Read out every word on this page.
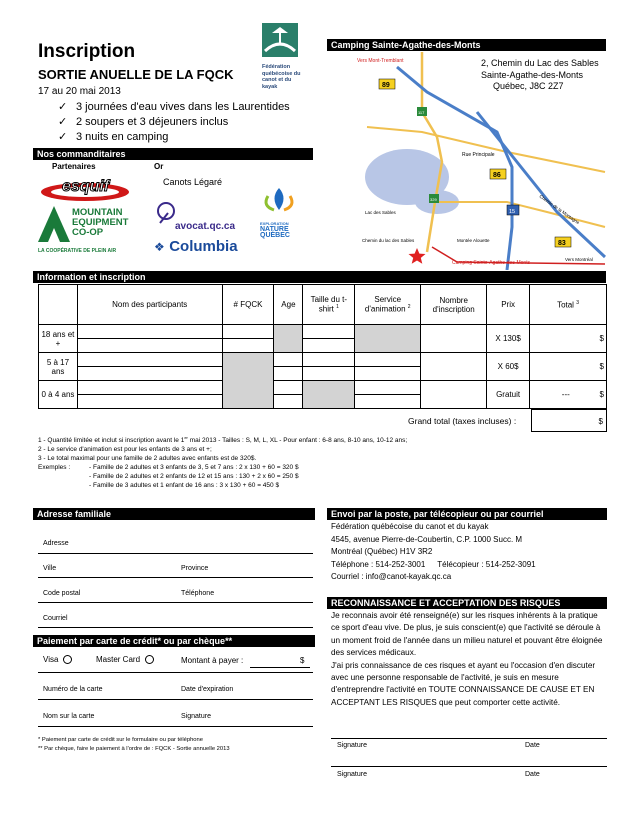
Inscription
SORTIE ANUELLE DE LA FQCK
17 au 20 mai 2013
✓ 3 journées d'eau vives dans les Laurentides
✓ 2 soupers et 3 déjeuners inclus
✓ 3 nuits en camping
Fédération québécoise du canot et du kayak
Camping Sainte-Agathe-des-Monts
2, Chemin du Lac des Sables
Sainte-Agathe-des-Monts
Québec, J8C 2Z7
Vers Mont-Tremblant
Rue Principale
Lac des Sables
Chemin du lac des Sables	Montée Alouette
Chemin de la Montagne
Camping Sainte-Agathe-des-Monts
Vers Montréal
89
86
83
15
117
329
Nos commanditaires
Partenaires	Or
esquif
MOUNTAIN
EQUIPMENT
CO-OP
LA COOPÉRATIVE DE PLEIN AIR
Canots Légaré
avocat.qc.ca
❖ Columbia
EXPLORATION
NATURE
QUÉBEC
Information et inscription
	Nom des participants	# FQCK	Age	Taille du t-shirt $^1$	Service d'animation $^2$	Nombre d'inscription	Prix	Total $^3$
18 ans et +							X 130$	$

5 à 17 ans							X 60$	$

0 à 4 ans							Gratuit	--- $

Grand total (taxes incluses) :	$
1 - Quantité limitée et inclut si inscription avant le 1er mai 2013 - Tailles : S, M, L, XL - Pour enfant : 6-8 ans, 8-10 ans, 10-12 ans;
2 - Le service d'animation est pour les enfants de 3 ans et +;
3 - Le total maximal pour une famille de 2 adultes avec enfants est de 320$.
Exemples :	- Famille de 2 adultes et 3 enfants de 3, 5 et 7 ans : 2 x 130 + 60 = 320 $
- Famille de 2 adultes et 2 enfants de 12 et 15 ans : 130 + 2 x 60 = 250 $
- Famille de 3 adultes et 1 enfant de 16 ans : 3 x 130 + 60 = 450 $
Adresse familiale
Adresse
Ville	Province
Code postal	Téléphone
Courriel
Paiement par carte de crédit* ou par chèque**
Visa	Master Card	Montant à payer :	$
Numéro de la carte	Date d'expiration
Nom sur la carte	Signature
* Paiement par carte de crédit sur le formulaire ou par téléphone
** Par chèque, faire le paiement à l'ordre de : FQCK - Sortie annuelle 2013
Envoi par la poste, par télécopieur ou par courriel
Fédération québécoise du canot et du kayak
4545, avenue Pierre-de-Coubertin, C.P. 1000 Succ. M
Montréal (Québec) H1V 3R2
Téléphone : 514-252-3001 Télécopieur : 514-252-3091
Courriel : info@canot-kayak.qc.ca
RECONNAISSANCE ET ACCEPTATION DES RISQUES
Je reconnais avoir été renseigné(e) sur les risques inhérents à la pratique ce sport d'eau vive. De plus, je suis conscient(e) que l'activité se déroule à un moment froid de l'année dans un milieu naturel et pouvant être éloignée des services médicaux.
J'ai pris connaissance de ces risques et ayant eu l'occasion d'en discuter avec une personne responsable de l'activité, je suis en mesure d'entreprendre l'activité en TOUTE CONNAISSANCE DE CAUSE ET EN ACCEPTANT LES RISQUES que peut comporter cette activité.
Signature	Date
Signature	Date
